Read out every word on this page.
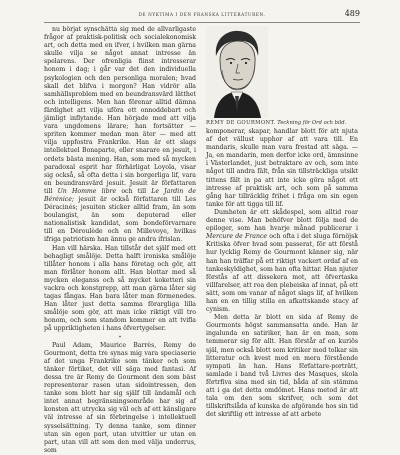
DE NYKTIMA I DEN FRANSKA LITTERATUREN.	489

nu börjat synschätta sig med de allvarligaste frågor af praktisk-politisk och socialekonomisk art, och detta med en ifver, i hvilken man gärna skulle vilja se något annat intresse än spelarens. Der ofrenligia fiinst intresserar honom i dag; i går var det den individuella psykologien och den personliga moralen; hvad skall det blifva i morgon? Han vidrör alla samhällsproblem med en beundransvärd lätthet och intelligens. Men han förenar alltid dämna färdighet att vilja uföra ett onnoddebart och jämligt inflytande. Han började med att vilja vara ungdomens lärare; han fortsätter — spriten kommer medan man äter — med att vilja uppfostra Frankrike. Han är ett slags intellektuel Bonaparte, eller snarare en jesuit, i ordets bästa mening. Han, som med så mycken paradoxal esprit har förhärligat Loyola, visar sig också, så ofta detta i sin borgerliga lif, vara en beundransvärd jesuit. Jesuit är författaren till Un Homme libre och till Le Jardin de Bérénice; jesuit är också författaren till Les Déracinés; jesuiten sticker alltid fram, än som boulangist, än som deputerad eller nationalistisk kandidat, som bondeförvarnare till en Déroulède och en Millevoye, hvilkas ifriga patriotism han ännu ge andra ifrislan.

Han vill härska. Han tillstår det själf med ett behagligt smålöje. Detta halft ironiska smålöje tillåter honom i alla hans företag och gör, att man förlåter honom allt. Han blottar med så mycken eleganss och så mycket koketteri sin vackra och konstgrepp, att man gärna låter sig tagas fångas. Han bara låter man förmenedes. Han låter just detta samma förargliga lilla smålöje som gör, att man icke riktigt vill tro honom, och som standom kommer en att tvifla på uppriktigheten i hans öfvertygelser.

*

Paul Adam, Maurice Barrès, Remy de Gourmont, detta tre synas mig vara speciaserie af det unga Frankrike som tänker och som tänker förtiket, det vill säga med fantasi. Af dessa tre är Remy de Gourmont den som bäst representerar rasen utan sidointressen, den tanke som blott har sig själf till ändamål och intet annat begränsningsområde har sig af konsten att utrycka sig väl och af ett känsligare väl intresse af sin förbringelse i intellektuell sysselsättning. Ty denna tanke, som dinner utan sin egen part, utan utvittler ur utan en part, utan vill att som den med välja underrus, som

REMY DE GOURMONT. Teckning för Ord och bild.

komponerar, skapar, handlar blott för att njuta af det vällust upphor af att vara till. En mandaris, skulle man vara frestad att säga. — Ja, en mandarin, men derfor icke ord, ämnsinne i Västerlandet, just betraktare av och, som inte något till andra fält, från sin tillsträckliga utsikt tittens fält in pa att inte icke göra något ett intresse af praktisk art, och som på samma gång har tillräcklig frihet i fråga om sin egen tanke för att tigga till lif.

Dumheten är ett skådespel, som alltid roar denne vise. Man behöfver blott följa med de epiloger, som han hvarje månad publicerar i Mercure de France och ofta i det sluga förnöjsk Kritiska öfver hvad som passerat, för att förstå hur lycklig Remy de Gourmont känner sig, när han han träffar på ett riktigt vackert ordaf af en tankeskyldighet, som han ofta hittar. Han njuter förstås af att dissekera mot, att öfvertaska villfarelser, att roa den plebeiska af innat, på ett sätt, som om vanar af något slags lif, af hvilken han en en tillig stilla en afkattskande stacy af cynism.

Men detta är blott en sida af Remy de Gourmonts högst sammansatta ande. Han är ingalunda en satiriker, han är en man, som temmerar sig för allt. Han förstår af en kuriös själ, men också blott som kritiker med tolkar sin litteratur och kvest med en mera förstående sympati än han. Hans författare-porträtt, samlade i band två Livres des Masques, skola förtrfiva sina med sin tid, båda af sin stämma att i ga det detta omdömet. Hans metod är att tala om den som skrifver, och som det tillskriftslåda af kunska de afgörande hos sin tid det skriftlig ett intresse af att arbete
